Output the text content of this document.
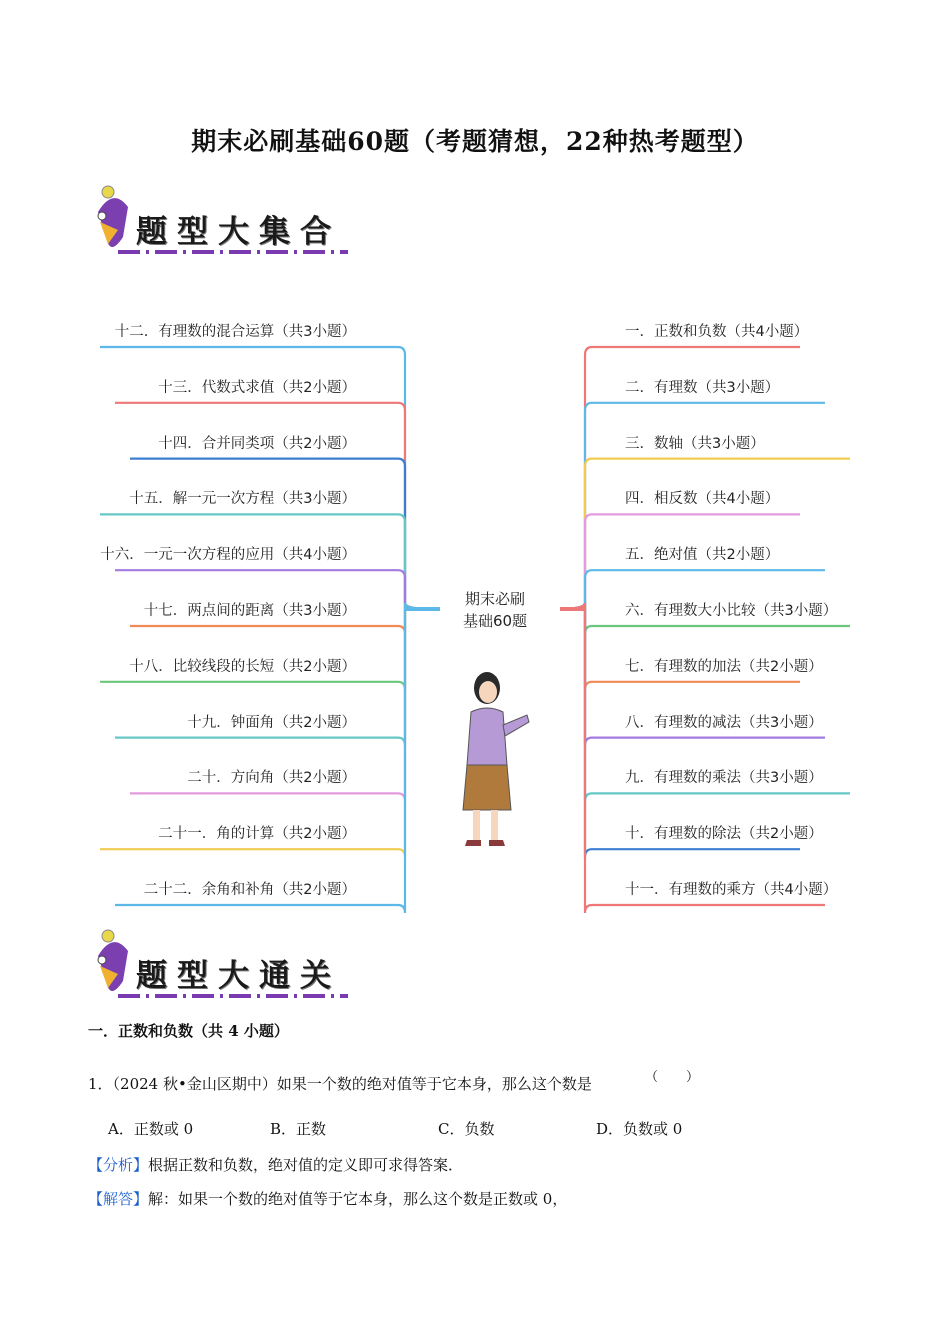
期末必刷基础60题（考题猜想，22种热考题型）
题型大集合
期末必刷
基础60题
十二．有理数的混合运算（共3小题）
十三．代数式求值（共2小题）
十四．合并同类项（共2小题）
十五．解一元一次方程（共3小题）
十六．一元一次方程的应用（共4小题）
十七．两点间的距离（共3小题）
十八．比较线段的长短（共2小题）
十九．钟面角（共2小题）
二十．方向角（共2小题）
二十一．角的计算（共2小题）
二十二．余角和补角（共2小题）
一．正数和负数（共4小题）
二．有理数（共3小题）
三．数轴（共3小题）
四．相反数（共4小题）
五．绝对值（共2小题）
六．有理数大小比较（共3小题）
七．有理数的加法（共2小题）
八．有理数的减法（共3小题）
九．有理数的乘法（共3小题）
十．有理数的除法（共2小题）
十一．有理数的乘方（共4小题）
题型大通关
一．正数和负数（共 4 小题）
1．（2024 秋•金山区期中）如果一个数的绝对值等于它本身，那么这个数是	（）
A．正数或 0	B．正数	C．负数	D．负数或 0
【分析】根据正数和负数，绝对值的定义即可求得答案．
【解答】解：如果一个数的绝对值等于它本身，那么这个数是正数或 0，
